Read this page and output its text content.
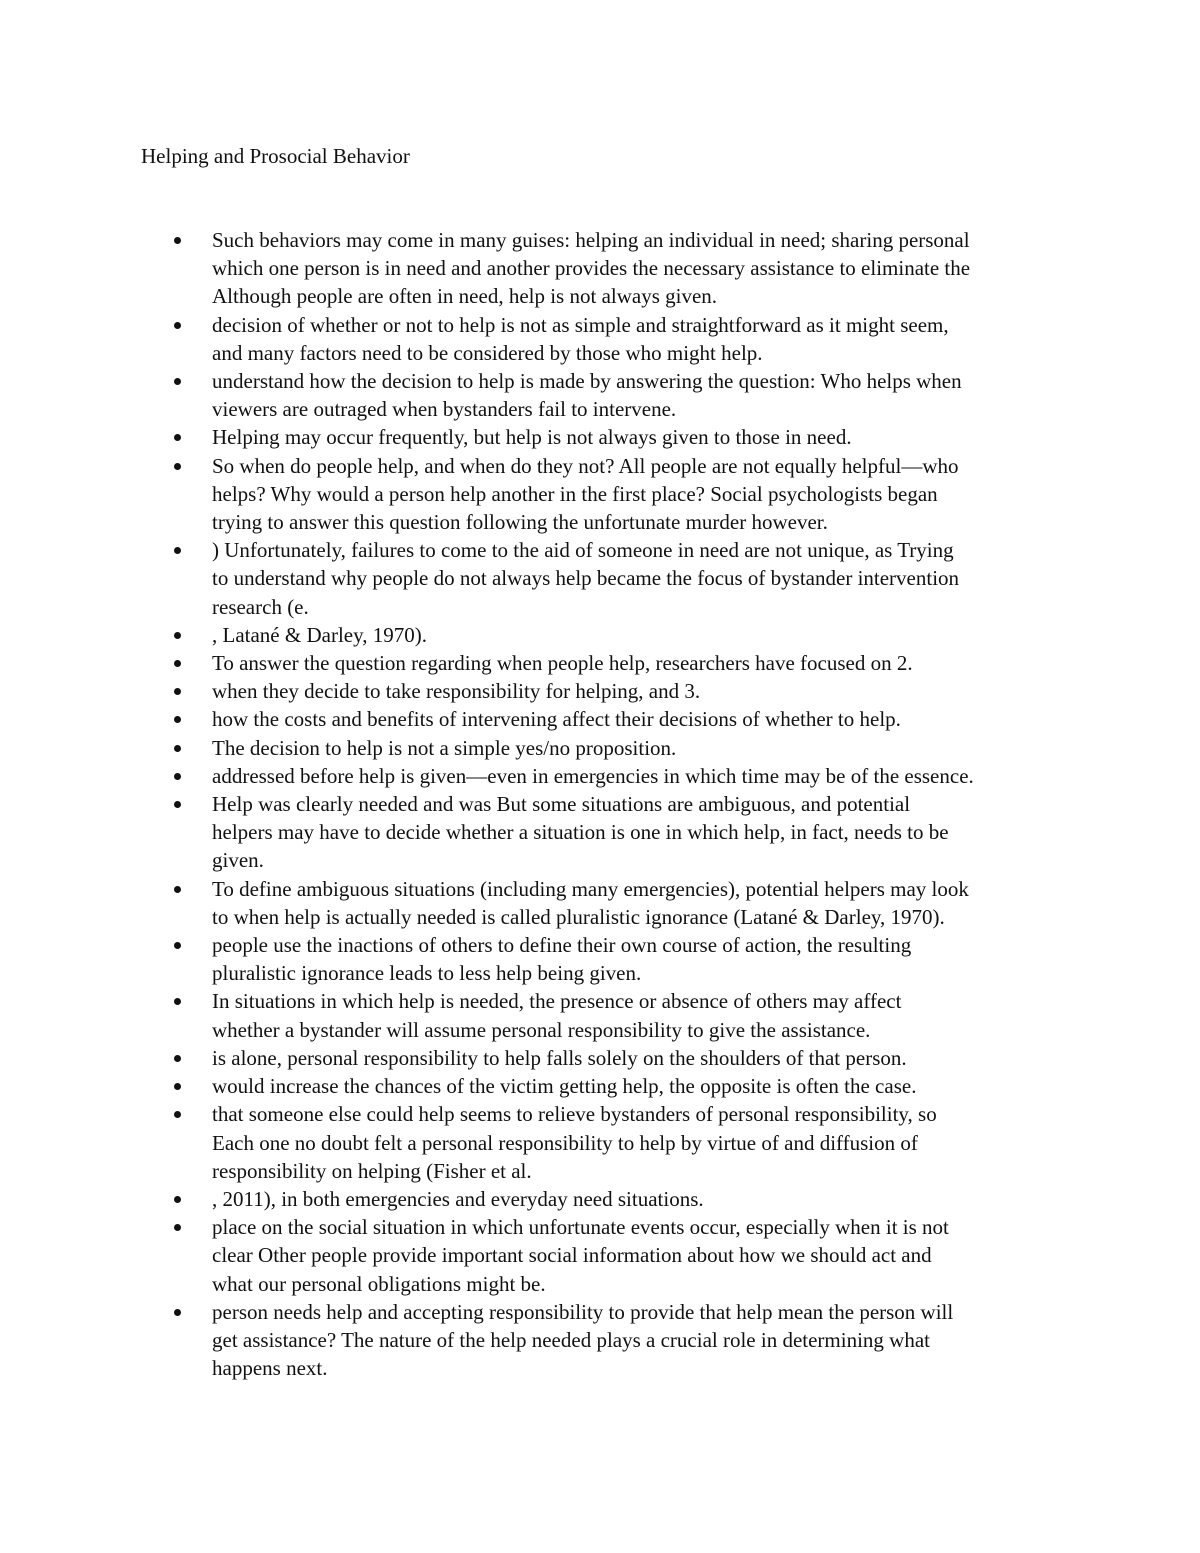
Helping and Prosocial Behavior
Such behaviors may come in many guises: helping an individual in need; sharing personal
which one person is in need and another provides the necessary assistance to eliminate the
Although people are often in need, help is not always given.
decision of whether or not to help is not as simple and straightforward as it might seem,
and many factors need to be considered by those who might help.
understand how the decision to help is made by answering the question: Who helps when
viewers are outraged when bystanders fail to intervene.
Helping may occur frequently, but help is not always given to those in need.
So when do people help, and when do they not? All people are not equally helpful—who
helps? Why would a person help another in the first place? Social psychologists began
trying to answer this question following the unfortunate murder however.
) Unfortunately, failures to come to the aid of someone in need are not unique, as Trying
to understand why people do not always help became the focus of bystander intervention
research (e.
, Latané & Darley, 1970).
To answer the question regarding when people help, researchers have focused on 2.
when they decide to take responsibility for helping, and 3.
how the costs and benefits of intervening affect their decisions of whether to help.
The decision to help is not a simple yes/no proposition.
addressed before help is given—even in emergencies in which time may be of the essence.
Help was clearly needed and was But some situations are ambiguous, and potential
helpers may have to decide whether a situation is one in which help, in fact, needs to be
given.
To define ambiguous situations (including many emergencies), potential helpers may look
to when help is actually needed is called pluralistic ignorance (Latané & Darley, 1970).
people use the inactions of others to define their own course of action, the resulting
pluralistic ignorance leads to less help being given.
In situations in which help is needed, the presence or absence of others may affect
whether a bystander will assume personal responsibility to give the assistance.
is alone, personal responsibility to help falls solely on the shoulders of that person.
would increase the chances of the victim getting help, the opposite is often the case.
that someone else could help seems to relieve bystanders of personal responsibility, so
Each one no doubt felt a personal responsibility to help by virtue of and diffusion of
responsibility on helping (Fisher et al.
, 2011), in both emergencies and everyday need situations.
place on the social situation in which unfortunate events occur, especially when it is not
clear Other people provide important social information about how we should act and
what our personal obligations might be.
person needs help and accepting responsibility to provide that help mean the person will
get assistance? The nature of the help needed plays a crucial role in determining what
happens next.
